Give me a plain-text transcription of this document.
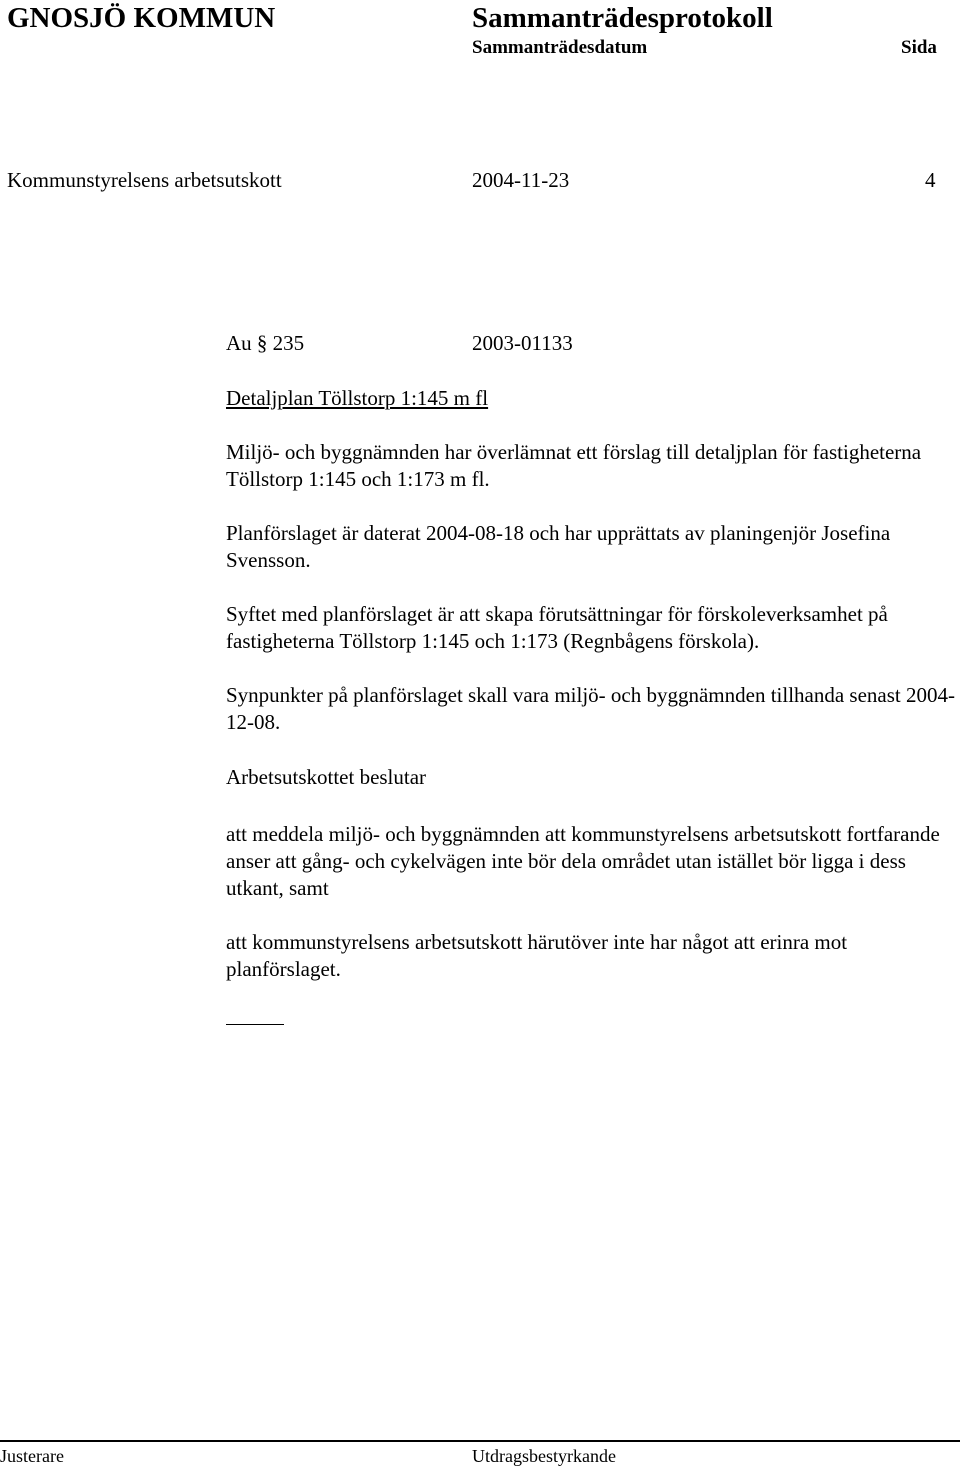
GNOSJÖ KOMMUN	Sammanträdesprotokoll
Sammanträdesdatum	Sida
Kommunstyrelsens arbetsutskott	2004-11-23	4
Au § 235	2003-01133

Detaljplan Töllstorp 1:145 m fl

Miljö- och byggnämnden har överlämnat ett förslag till detaljplan för fastigheterna Töllstorp 1:145 och 1:173 m fl.

Planförslaget är daterat 2004-08-18 och har upprättats av planingenjör Josefina Svensson.

Syftet med planförslaget är att skapa förutsättningar för förskoleverksamhet på fastigheterna Töllstorp 1:145 och 1:173 (Regnbågens förskola).

Synpunkter på planförslaget skall vara miljö- och byggnämnden tillhanda senast 2004-12-08.

Arbetsutskottet beslutar

att meddela miljö- och byggnämnden att kommunstyrelsens arbetsutskott fortfarande anser att gång- och cykelvägen inte bör dela området utan istället bör ligga i dess utkant, samt

att kommunstyrelsens arbetsutskott härutöver inte har något att erinra mot planförslaget.

Justerare	Utdragsbestyrkande
